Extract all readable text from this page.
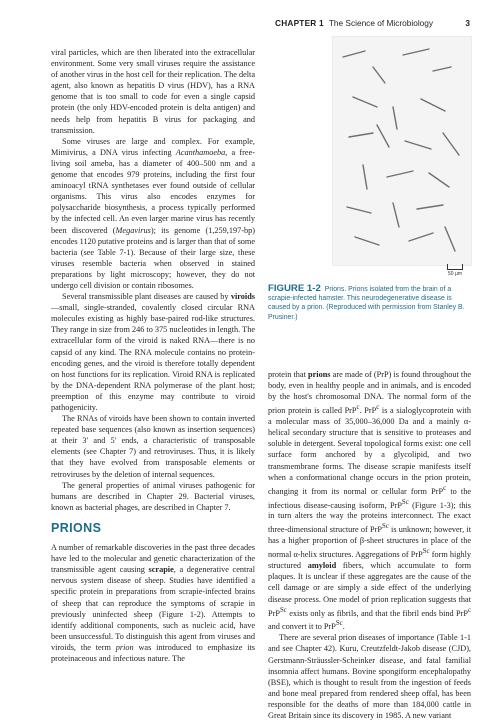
CHAPTER 1 The Science of Microbiology	3

viral particles, which are then liberated into the extracellular environment. Some very small viruses require the assistance of another virus in the host cell for their replication. The delta agent, also known as hepatitis D virus (HDV), has a RNA genome that is too small to code for even a single capsid protein (the only HDV-encoded protein is delta antigen) and needs help from hepatitis B virus for packaging and transmission.

Some viruses are large and complex. For example, Mimivirus, a DNA virus infecting Acanthamoeba, a free-living soil ameba, has a diameter of 400–500 nm and a genome that encodes 979 proteins, including the first four aminoacyl tRNA synthetases ever found outside of cellular organisms. This virus also encodes enzymes for polysaccharide biosynthesis, a process typically performed by the infected cell. An even larger marine virus has recently been discovered (Megavirus); its genome (1,259,197-bp) encodes 1120 putative proteins and is larger than that of some bacteria (see Table 7-1). Because of their large size, these viruses resemble bacteria when observed in stained preparations by light microscopy; however, they do not undergo cell division or contain ribosomes.

Several transmissible plant diseases are caused by viroids—small, single-stranded, covalently closed circular RNA molecules existing as highly base-paired rod-like structures. They range in size from 246 to 375 nucleotides in length. The extracellular form of the viroid is naked RNA—there is no capsid of any kind. The RNA molecule contains no protein-encoding genes, and the viroid is therefore totally dependent on host functions for its replication. Viroid RNA is replicated by the DNA-dependent RNA polymerase of the plant host; preemption of this enzyme may contribute to viroid pathogenicity.

The RNAs of viroids have been shown to contain inverted repeated base sequences (also known as insertion sequences) at their 3′ and 5′ ends, a characteristic of transposable elements (see Chapter 7) and retroviruses. Thus, it is likely that they have evolved from transposable elements or retroviruses by the deletion of internal sequences.

The general properties of animal viruses pathogenic for humans are described in Chapter 29. Bacterial viruses, known as bacterial phages, are described in Chapter 7.

PRIONS

A number of remarkable discoveries in the past three decades have led to the molecular and genetic characterization of the transmissible agent causing scrapie, a degenerative central nervous system disease of sheep. Studies have identified a specific protein in preparations from scrapie-infected brains of sheep that can reproduce the symptoms of scrapie in previously uninfected sheep (Figure 1-2). Attempts to identify additional components, such as nucleic acid, have been unsuccessful. To distinguish this agent from viruses and viroids, the term prion was introduced to emphasize its proteinaceous and infectious nature. The

50 μm
FIGURE 1-2 Prions. Prions isolated from the brain of a scrapie-infected hamster. This neurodegenerative disease is caused by a prion. (Reproduced with permission from Stanley B. Prusiner.)

protein that prions are made of (PrP) is found throughout the body, even in healthy people and in animals, and is encoded by the host's chromosomal DNA. The normal form of the prion protein is called PrP$^c$. PrP$^c$ is a sialoglycoprotein with a molecular mass of 35,000–36,000 Da and a mainly α-helical secondary structure that is sensitive to proteases and soluble in detergent. Several topological forms exist: one cell surface form anchored by a glycolipid, and two transmembrane forms. The disease scrapie manifests itself when a conformational change occurs in the prion protein, changing it from its normal or cellular form PrP$^c$ to the infectious disease-causing isoform, PrP$^{Sc}$ (Figure 1-3); this in turn alters the way the proteins interconnect. The exact three-dimensional structure of PrP$^{Sc}$ is unknown; however, it has a higher proportion of β-sheet structures in place of the normal α-helix structures. Aggregations of PrP$^{Sc}$ form highly structured amyloid fibers, which accumulate to form plaques. It is unclear if these aggregates are the cause of the cell damage or are simply a side effect of the underlying disease process. One model of prion replication suggests that PrP$^{Sc}$ exists only as fibrils, and that the fibril ends bind PrP$^c$ and convert it to PrP$^{Sc}$.

There are several prion diseases of importance (Table 1-1 and see Chapter 42). Kuru, Creutzfeldt-Jakob disease (CJD), Gerstmann-Sträussler-Scheinker disease, and fatal familial insomnia affect humans. Bovine spongiform encephalopathy (BSE), which is thought to result from the ingestion of feeds and bone meal prepared from rendered sheep offal, has been responsible for the deaths of more than 184,000 cattle in Great Britain since its discovery in 1985. A new variant
